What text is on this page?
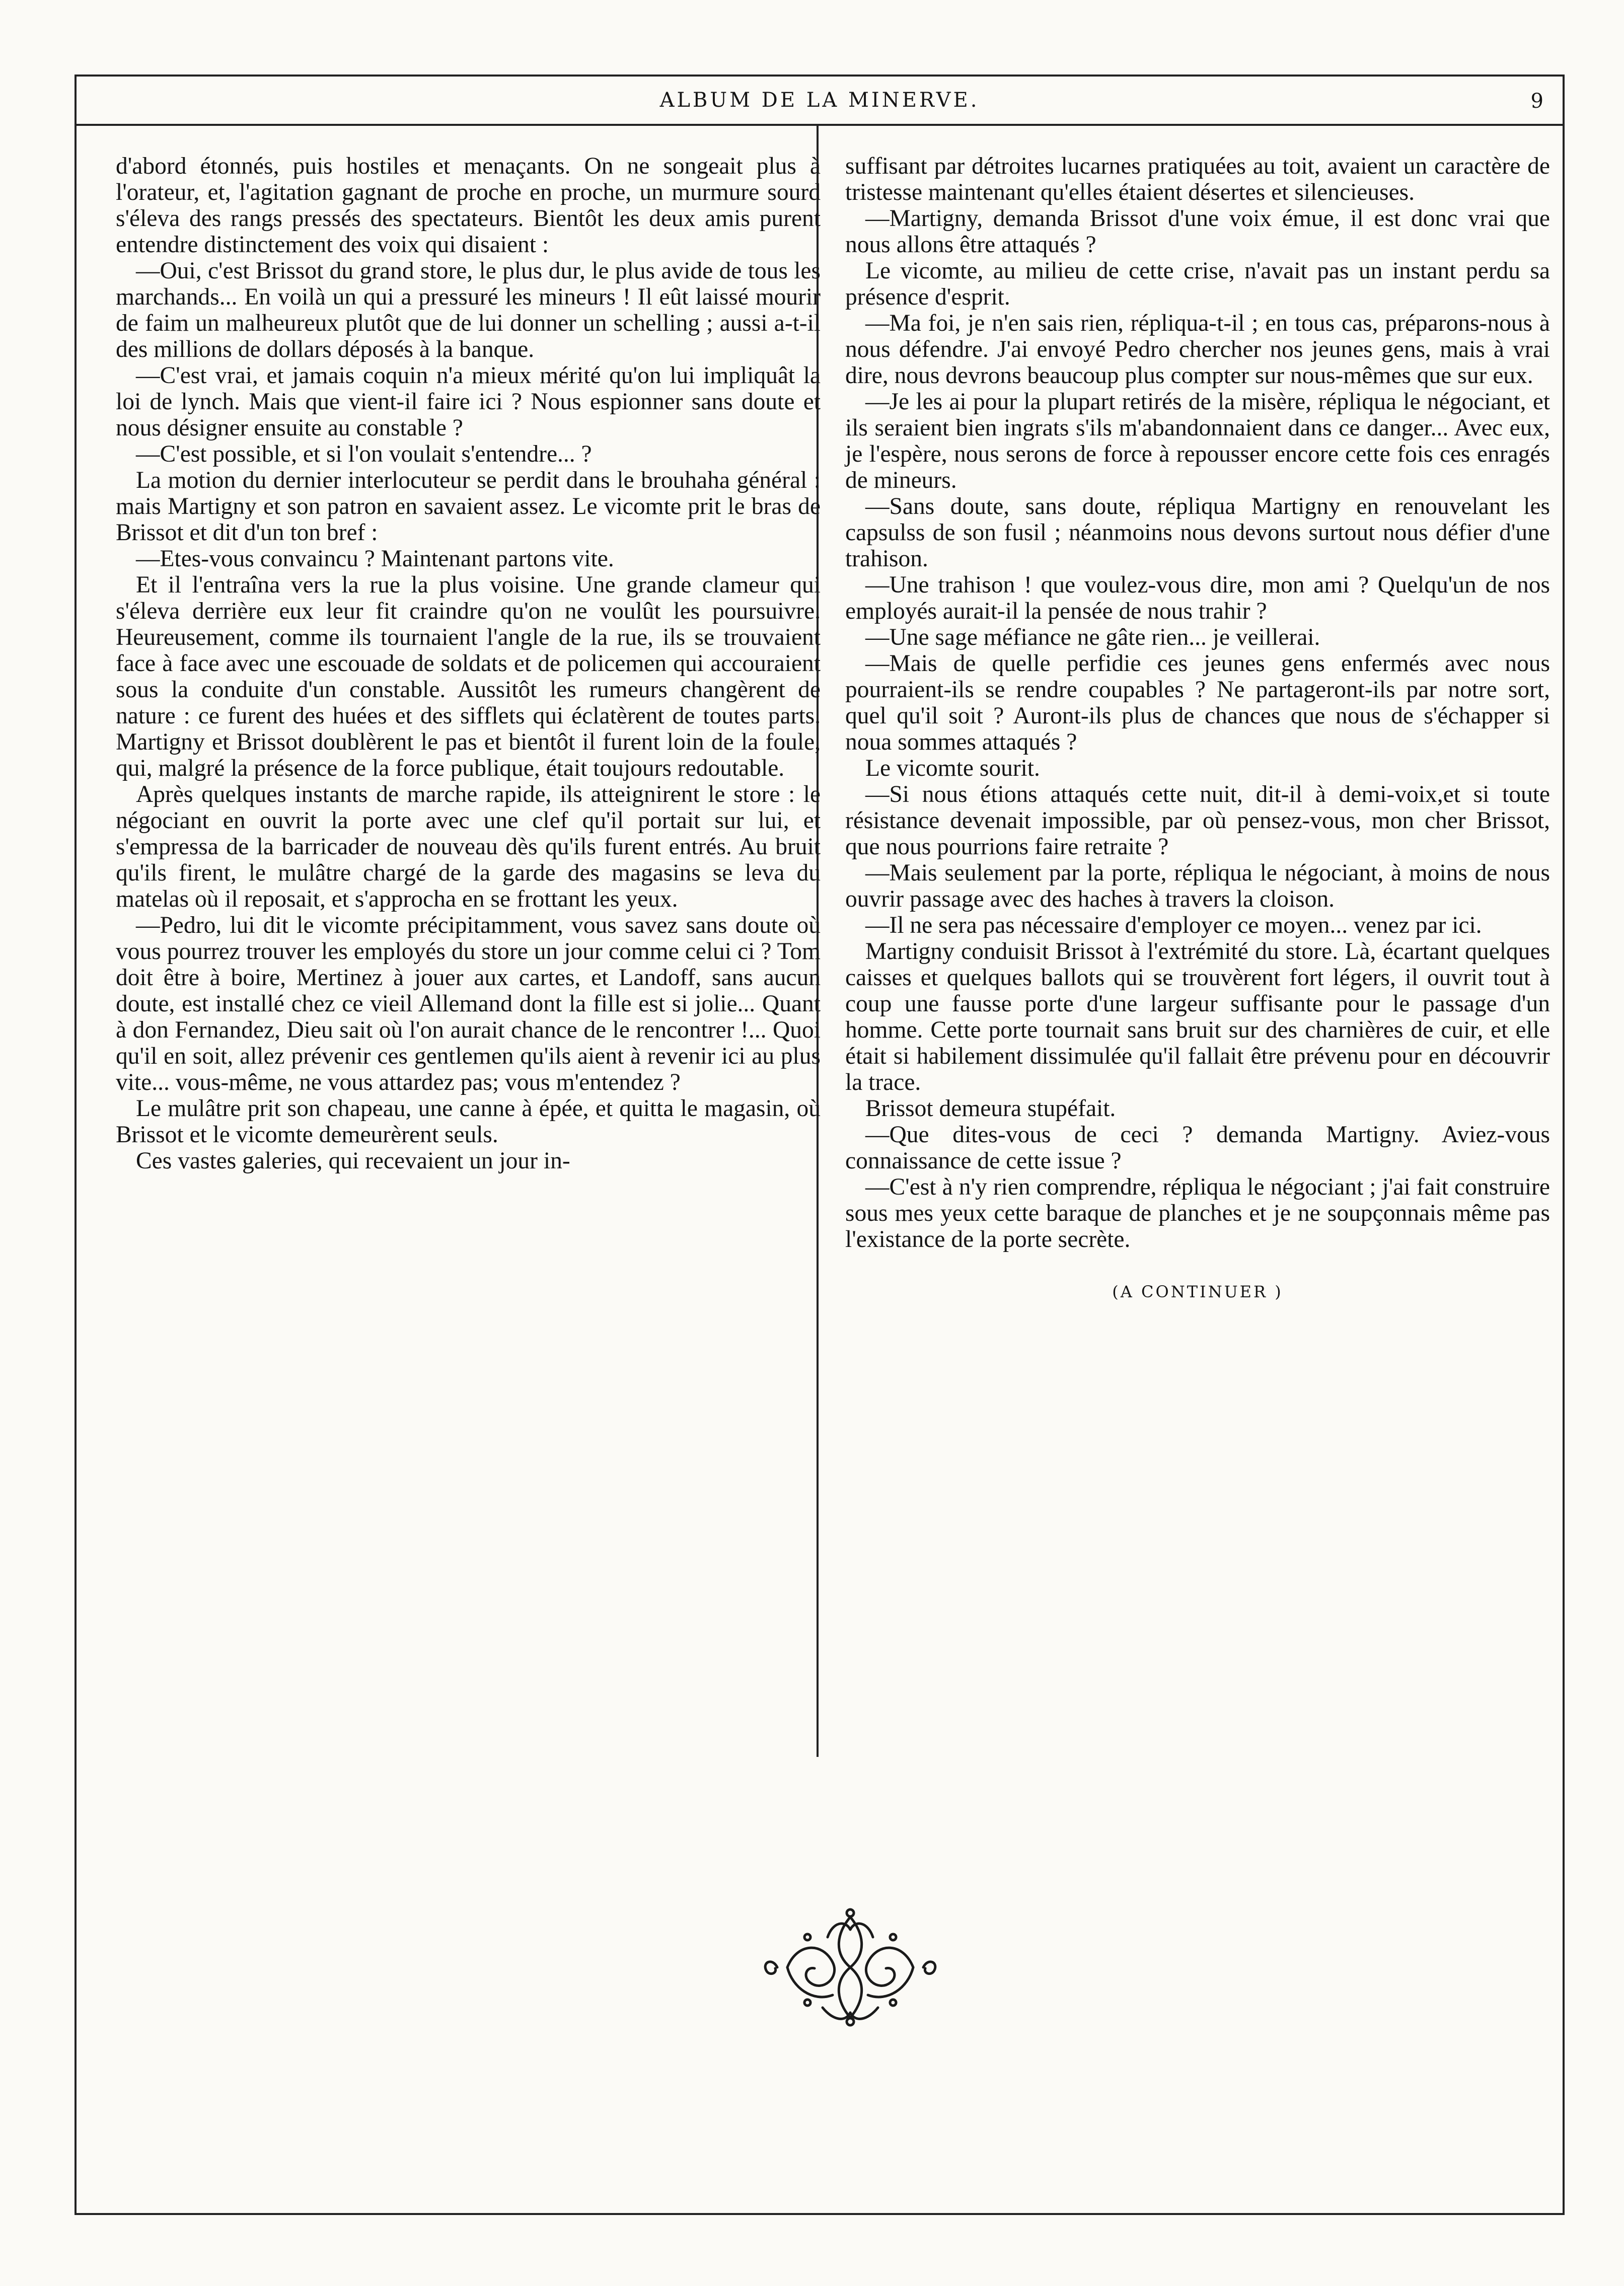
ALBUM DE LA MINERVE.	9

d'abord étonnés, puis hostiles et menaçants. On ne songeait plus à l'orateur, et, l'agitation gagnant de proche en proche, un murmure sourd s'éleva des rangs pressés des spectateurs. Bientôt les deux amis purent entendre distinctement des voix qui disaient :

—Oui, c'est Brissot du grand store, le plus dur, le plus avide de tous les marchands... En voilà un qui a pressuré les mineurs ! Il eût laissé mourir de faim un malheureux plutôt que de lui donner un schelling ; aussi a-t-il des millions de dollars déposés à la banque.

—C'est vrai, et jamais coquin n'a mieux mérité qu'on lui impliquât la loi de lynch. Mais que vient-il faire ici ? Nous espionner sans doute et nous désigner ensuite au constable ?

—C'est possible, et si l'on voulait s'entendre... ?

La motion du dernier interlocuteur se perdit dans le brouhaha général : mais Martigny et son patron en savaient assez. Le vicomte prit le bras de Brissot et dit d'un ton bref :

—Etes-vous convaincu ? Maintenant partons vite.

Et il l'entraîna vers la rue la plus voisine. Une grande clameur qui s'éleva derrière eux leur fit craindre qu'on ne voulût les poursuivre. Heureusement, comme ils tournaient l'angle de la rue, ils se trouvaient face à face avec une escouade de soldats et de policemen qui accouraient sous la conduite d'un constable. Aussitôt les rumeurs changèrent de nature : ce furent des huées et des sifflets qui éclatèrent de toutes parts. Martigny et Brissot doublèrent le pas et bientôt il furent loin de la foule, qui, malgré la présence de la force publique, était toujours redoutable.

Après quelques instants de marche rapide, ils atteignirent le store : le négociant en ouvrit la porte avec une clef qu'il portait sur lui, et s'empressa de la barricader de nouveau dès qu'ils furent entrés. Au bruit qu'ils firent, le mulâtre chargé de la garde des magasins se leva du matelas où il reposait, et s'approcha en se frottant les yeux.

—Pedro, lui dit le vicomte précipitamment, vous savez sans doute où vous pourrez trouver les employés du store un jour comme celui ci ? Tom doit être à boire, Mertinez à jouer aux cartes, et Landoff, sans aucun doute, est installé chez ce vieil Allemand dont la fille est si jolie... Quant à don Fernandez, Dieu sait où l'on aurait chance de le rencontrer !... Quoi qu'il en soit, allez prévenir ces gentlemen qu'ils aient à revenir ici au plus vite... vous-même, ne vous attardez pas; vous m'entendez ?

Le mulâtre prit son chapeau, une canne à épée, et quitta le magasin, où Brissot et le vicomte demeurèrent seuls.

Ces vastes galeries, qui recevaient un jour in-

suffisant par détroites lucarnes pratiquées au toit, avaient un caractère de tristesse maintenant qu'elles étaient désertes et silencieuses.

—Martigny, demanda Brissot d'une voix émue, il est donc vrai que nous allons être attaqués ?

Le vicomte, au milieu de cette crise, n'avait pas un instant perdu sa présence d'esprit.

—Ma foi, je n'en sais rien, répliqua-t-il ; en tous cas, préparons-nous à nous défendre. J'ai envoyé Pedro chercher nos jeunes gens, mais à vrai dire, nous devrons beaucoup plus compter sur nous-mêmes que sur eux.

—Je les ai pour la plupart retirés de la misère, répliqua le négociant, et ils seraient bien ingrats s'ils m'abandonnaient dans ce danger... Avec eux, je l'espère, nous serons de force à repousser encore cette fois ces enragés de mineurs.

—Sans doute, sans doute, répliqua Martigny en renouvelant les capsulss de son fusil ; néanmoins nous devons surtout nous défier d'une trahison.

—Une trahison ! que voulez-vous dire, mon ami ? Quelqu'un de nos employés aurait-il la pensée de nous trahir ?

—Une sage méfiance ne gâte rien... je veillerai.

—Mais de quelle perfidie ces jeunes gens enfermés avec nous pourraient-ils se rendre coupables ? Ne partageront-ils par notre sort, quel qu'il soit ? Auront-ils plus de chances que nous de s'échapper si noua sommes attaqués ?

Le vicomte sourit.

—Si nous étions attaqués cette nuit, dit-il à demi-voix,et si toute résistance devenait impossible, par où pensez-vous, mon cher Brissot, que nous pourrions faire retraite ?

—Mais seulement par la porte, répliqua le négociant, à moins de nous ouvrir passage avec des haches à travers la cloison.

—Il ne sera pas nécessaire d'employer ce moyen... venez par ici.

Martigny conduisit Brissot à l'extrémité du store. Là, écartant quelques caisses et quelques ballots qui se trouvèrent fort légers, il ouvrit tout à coup une fausse porte d'une largeur suffisante pour le passage d'un homme. Cette porte tournait sans bruit sur des charnières de cuir, et elle était si habilement dissimulée qu'il fallait être prévenu pour en découvrir la trace.

Brissot demeura stupéfait.

—Que dites-vous de ceci ? demanda Martigny. Aviez-vous connaissance de cette issue ?

—C'est à n'y rien comprendre, répliqua le négociant ; j'ai fait construire sous mes yeux cette baraque de planches et je ne soupçonnais même pas l'existance de la porte secrète.

(A CONTINUER )
